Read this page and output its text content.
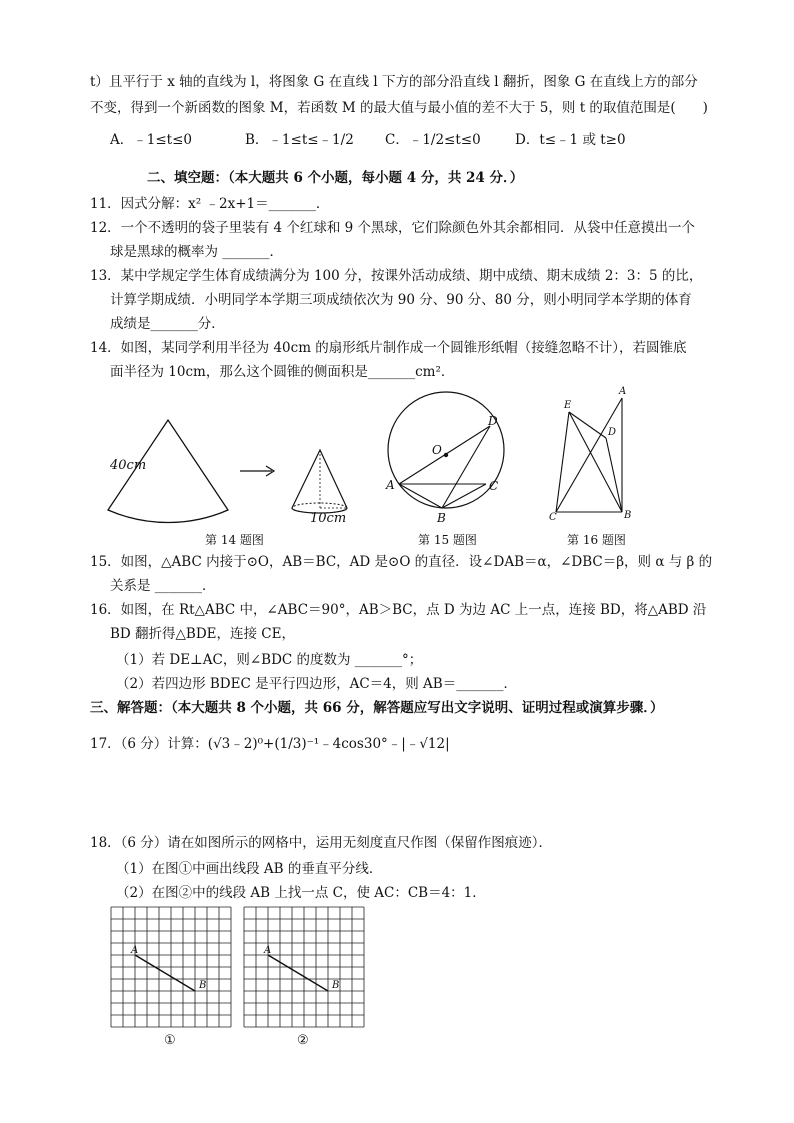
t）且平行于 x 轴的直线为 l，将图象 G 在直线 l 下方的部分沿直线 l 翻折，图象 G 在直线上方的部分
不变，得到一个新函数的图象 M，若函数 M 的最大值与最小值的差不大于 5，则 t 的取值范围是(　　)
A．﹣1≤t≤0	B．﹣1≤t≤﹣1/2 C．﹣1/2≤t≤0	D．t≤﹣1 或 t≥0
二、填空题：（本大题共 6 个小题，每小题 4 分，共 24 分．）
11．因式分解：x² ﹣2x+1＝_______．
12．一个不透明的袋子里装有 4 个红球和 9 个黑球，它们除颜色外其余都相同．从袋中任意摸出一个
球是黑球的概率为 _______．
13．某中学规定学生体育成绩满分为 100 分，按课外活动成绩、期中成绩、期末成绩 2：3：5 的比，
计算学期成绩．小明同学本学期三项成绩依次为 90 分、90 分、80 分，则小明同学本学期的体育
成绩是_______分．
14．如图，某同学利用半径为 40cm 的扇形纸片制作成一个圆锥形纸帽（接缝忽略不计），若圆锥底
面半径为 10cm，那么这个圆锥的侧面积是_______cm²．
40cm
10cm
第 14 题图
O
A
B
C
D
第 15 题图
A
B
C
D
E
第 16 题图
15．如图，△ABC 内接于⊙O，AB＝BC，AD 是⊙O 的直径．设∠DAB＝α，∠DBC＝β，则 α 与 β 的
关系是 _______．
16．如图，在 Rt△ABC 中，∠ABC＝90°，AB＞BC，点 D 为边 AC 上一点，连接 BD，将△ABD 沿
BD 翻折得△BDE，连接 CE，
（1）若 DE⊥AC，则∠BDC 的度数为 _______°；
（2）若四边形 BDEC 是平行四边形，AC＝4，则 AB＝_______．
三、解答题：（本大题共 8 个小题，共 66 分，解答题应写出文字说明、证明过程或演算步骤．）
17．（6 分）计算：(√3﹣2)⁰+(1/3)⁻¹﹣4cos30°﹣|﹣√12|
18．（6 分）请在如图所示的网格中，运用无刻度直尺作图（保留作图痕迹）．
（1）在图①中画出线段 AB 的垂直平分线．
（2）在图②中的线段 AB 上找一点 C，使 AC：CB＝4：1．
A
B
A
B
①	②
